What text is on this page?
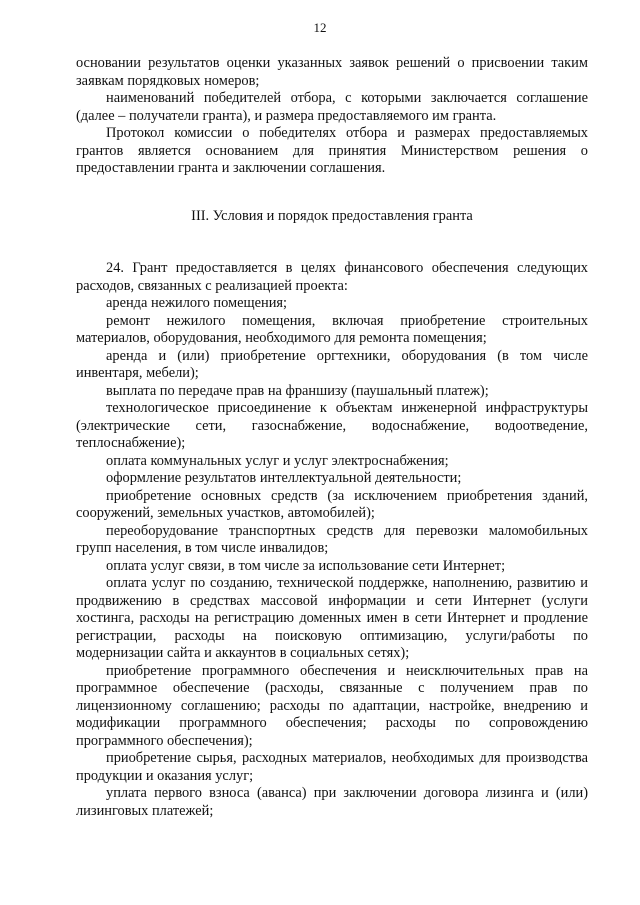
12

основании результатов оценки указанных заявок решений о присвоении таким заявкам порядковых номеров;

наименований победителей отбора, с которыми заключается соглашение (далее – получатели гранта), и размера предоставляемого им гранта.

Протокол комиссии о победителях отбора и размерах предоставляемых грантов является основанием для принятия Министерством решения о предоставлении гранта и заключении соглашения.

III. Условия и порядок предоставления гранта

24. Грант предоставляется в целях финансового обеспечения следующих расходов, связанных с реализацией проекта:

аренда нежилого помещения;

ремонт нежилого помещения, включая приобретение строительных материалов, оборудования, необходимого для ремонта помещения;

аренда и (или) приобретение оргтехники, оборудования (в том числе инвентаря, мебели);

выплата по передаче прав на франшизу (паушальный платеж);

технологическое присоединение к объектам инженерной инфраструктуры (электрические сети, газоснабжение, водоснабжение, водоотведение, теплоснабжение);

оплата коммунальных услуг и услуг электроснабжения;

оформление результатов интеллектуальной деятельности;

приобретение основных средств (за исключением приобретения зданий, сооружений, земельных участков, автомобилей);

переоборудование транспортных средств для перевозки маломобильных групп населения, в том числе инвалидов;

оплата услуг связи, в том числе за использование сети Интернет;

оплата услуг по созданию, технической поддержке, наполнению, развитию и продвижению в средствах массовой информации и сети Интернет (услуги хостинга, расходы на регистрацию доменных имен в сети Интернет и продление регистрации, расходы на поисковую оптимизацию, услуги/работы по модернизации сайта и аккаунтов в социальных сетях);

приобретение программного обеспечения и неисключительных прав на программное обеспечение (расходы, связанные с получением прав по лицензионному соглашению; расходы по адаптации, настройке, внедрению и модификации программного обеспечения; расходы по сопровождению программного обеспечения);

приобретение сырья, расходных материалов, необходимых для производства продукции и оказания услуг;

уплата первого взноса (аванса) при заключении договора лизинга и (или) лизинговых платежей;
